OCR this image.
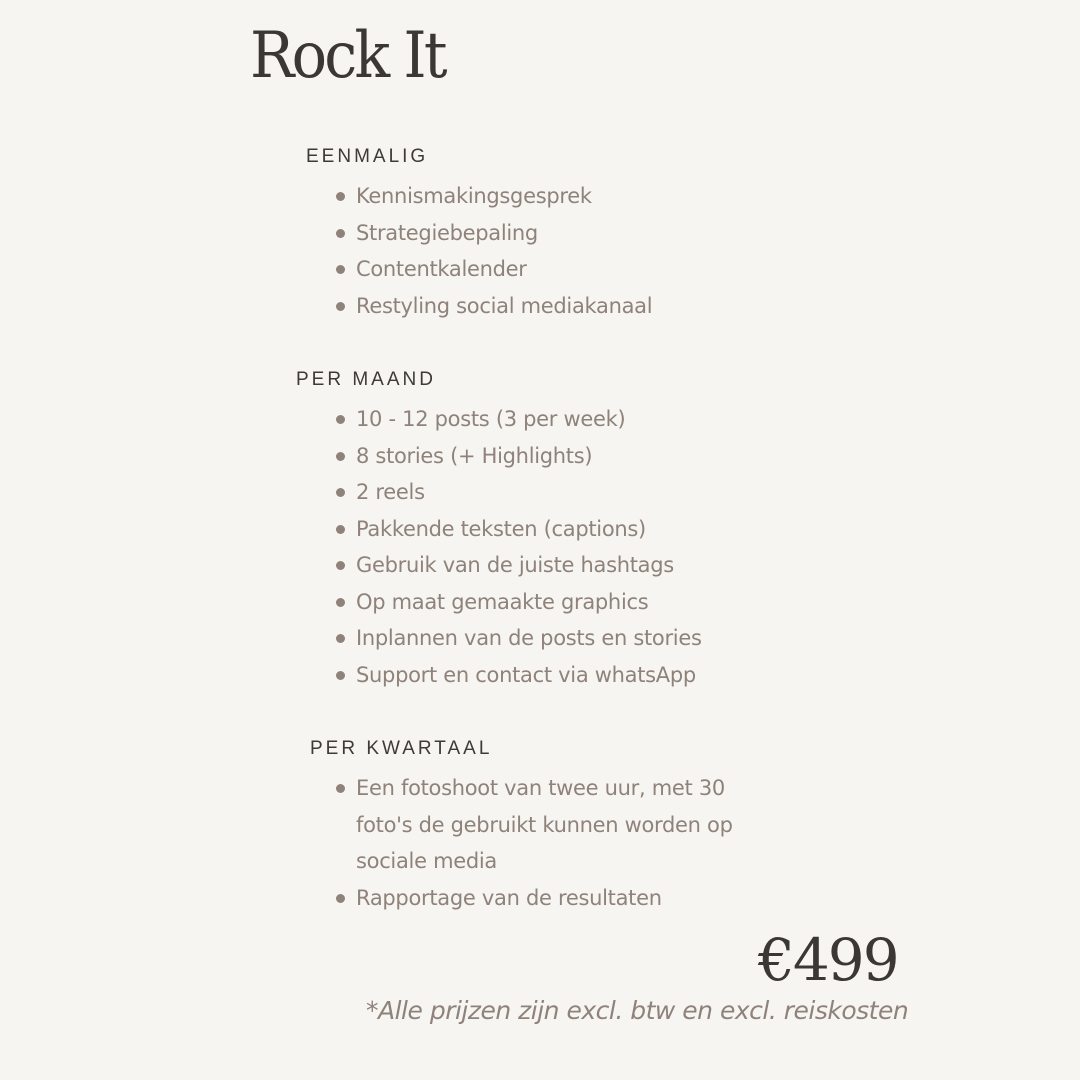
Rock It
EENMALIG
Kennismakingsgesprek
Strategiebepaling
Contentkalender
Restyling social mediakanaal
PER MAAND
10 - 12 posts (3 per week)
8 stories (+ Highlights)
2 reels
Pakkende teksten (captions)
Gebruik van de juiste hashtags
Op maat gemaakte graphics
Inplannen van de posts en stories
Support en contact via whatsApp
PER KWARTAAL
Een fotoshoot van twee uur, met 30 foto's de gebruikt kunnen worden op sociale media
Rapportage van de resultaten
€499
*Alle prijzen zijn excl. btw en excl. reiskosten
